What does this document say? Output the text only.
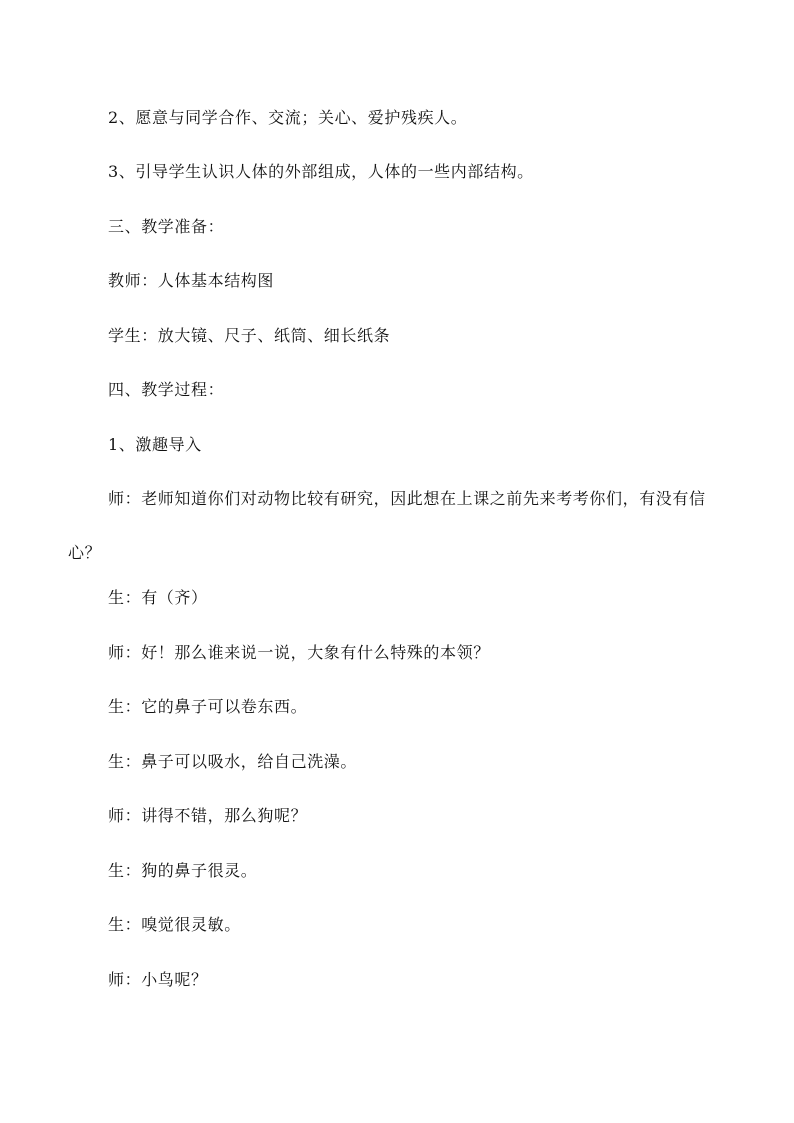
2、愿意与同学合作、交流；关心、爱护残疾人。
3、引导学生认识人体的外部组成，人体的一些内部结构。
三、教学准备：
教师：人体基本结构图
学生：放大镜、尺子、纸筒、细长纸条
四、教学过程：
1、激趣导入
师：老师知道你们对动物比较有研究，因此想在上课之前先来考考你们，有没有信心？
生：有（齐）
师：好！那么谁来说一说，大象有什么特殊的本领？
生：它的鼻子可以卷东西。
生：鼻子可以吸水，给自己洗澡。
师：讲得不错，那么狗呢？
生：狗的鼻子很灵。
生：嗅觉很灵敏。
师：小鸟呢？
